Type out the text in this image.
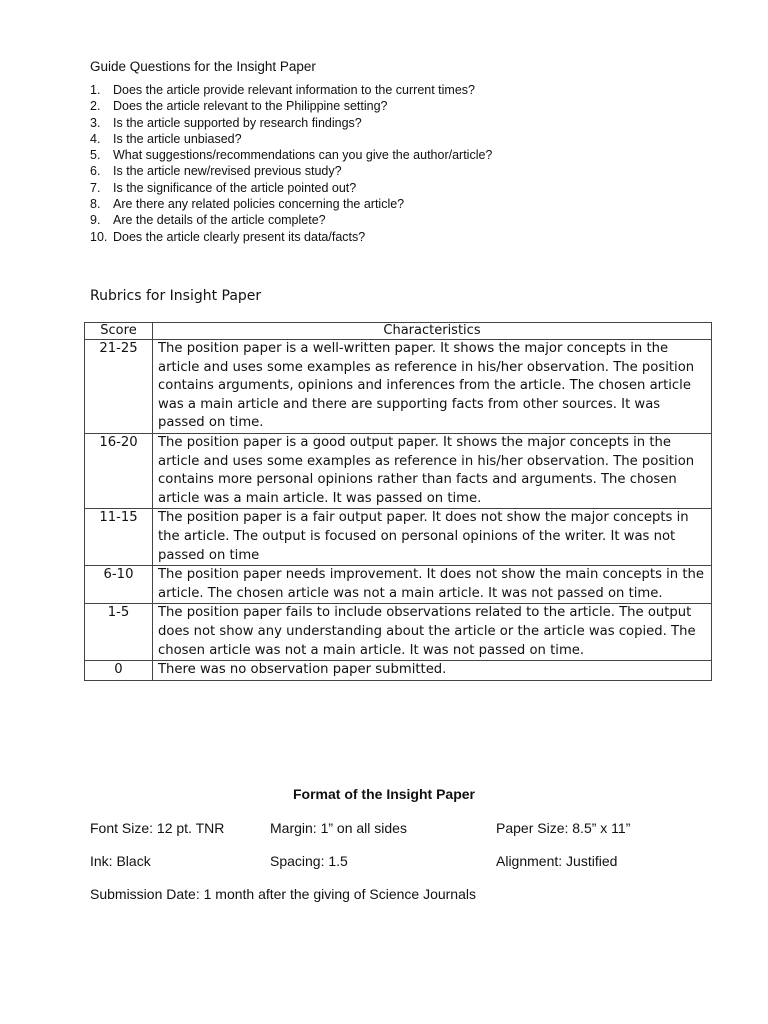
Guide Questions for the Insight Paper
1.	Does the article provide relevant information to the current times?
2.	Does the article relevant to the Philippine setting?
3.	Is the article supported by research findings?
4.	Is the article unbiased?
5.	What suggestions/recommendations can you give the author/article?
6.	Is the article new/revised previous study?
7.	Is the significance of the article pointed out?
8.	Are there any related policies concerning the article?
9.	Are the details of the article complete?
10. Does the article clearly present its data/facts?
Rubrics for Insight Paper
Score	Characteristics
21-25	The position paper is a well-written paper. It shows the major concepts in the article and uses some examples as reference in his/her observation. The position contains arguments, opinions and inferences from the article. The chosen article was a main article and there are supporting facts from other sources. It was passed on time.
16-20	The position paper is a good output paper. It shows the major concepts in the article and uses some examples as reference in his/her observation. The position contains more personal opinions rather than facts and arguments. The chosen article was a main article. It was passed on time.
11-15	The position paper is a fair output paper. It does not show the major concepts in the article. The output is focused on personal opinions of the writer. It was not passed on time
6-10	The position paper needs improvement. It does not show the main concepts in the article. The chosen article was not a main article. It was not passed on time.
1-5	The position paper fails to include observations related to the article. The output does not show any understanding about the article or the article was copied. The chosen article was not a main article. It was not passed on time.
0	There was no observation paper submitted.
Format of the Insight Paper
Font Size: 12 pt. TNR	Margin: 1” on all sides	Paper Size: 8.5” x 11”
Ink: Black	Spacing: 1.5	Alignment: Justified
Submission Date: 1 month after the giving of Science Journals
